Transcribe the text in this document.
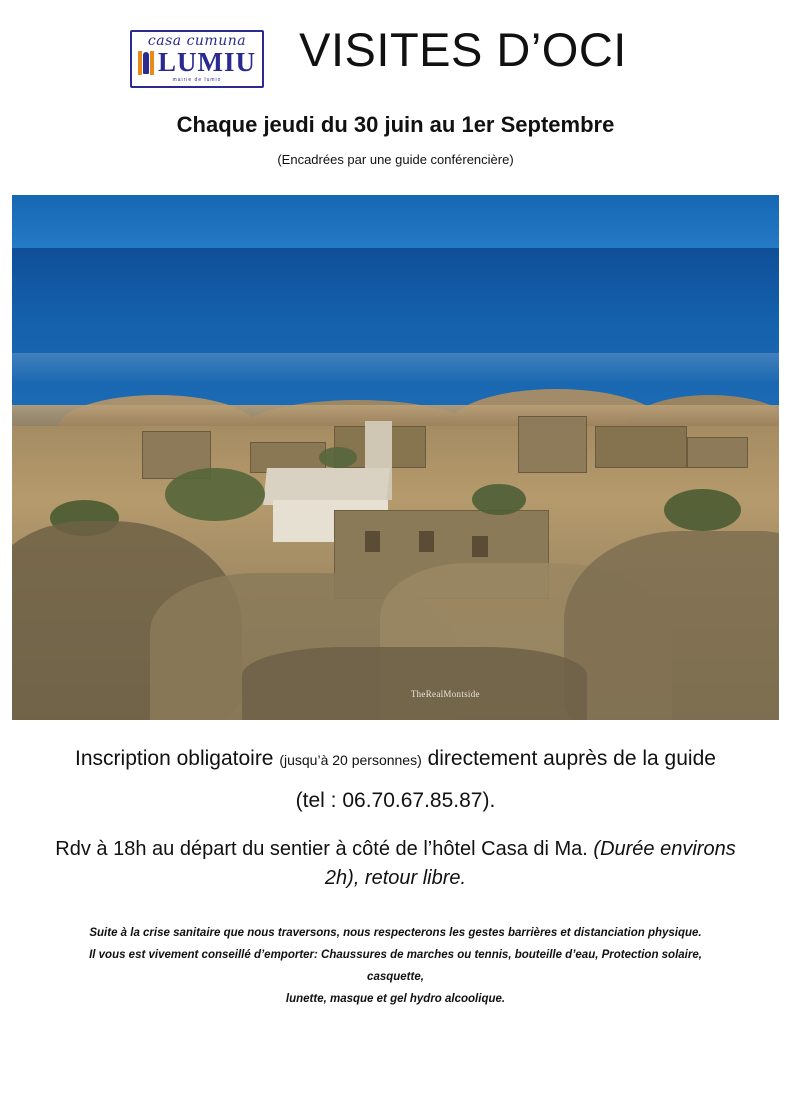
casa cumuna
LUMIU
mairie de lumio
VISITES D’OCI
Chaque jeudi du 30 juin au 1er Septembre
(Encadrées par une guide conférencière)
TheRealMontside
Inscription obligatoire (jusqu’à 20 personnes) directement auprès de la guide
(tel : 06.70.67.85.87).
Rdv à 18h au départ du sentier à côté de l’hôtel Casa di Ma. (Durée environs 2h), retour libre.

Suite à la crise sanitaire que nous traversons, nous respecterons les gestes barrières et distanciation physique.

Il vous est vivement conseillé d’emporter: Chaussures de marches ou tennis, bouteille d’eau, Protection solaire, casquette,

lunette, masque et gel hydro alcoolique.
